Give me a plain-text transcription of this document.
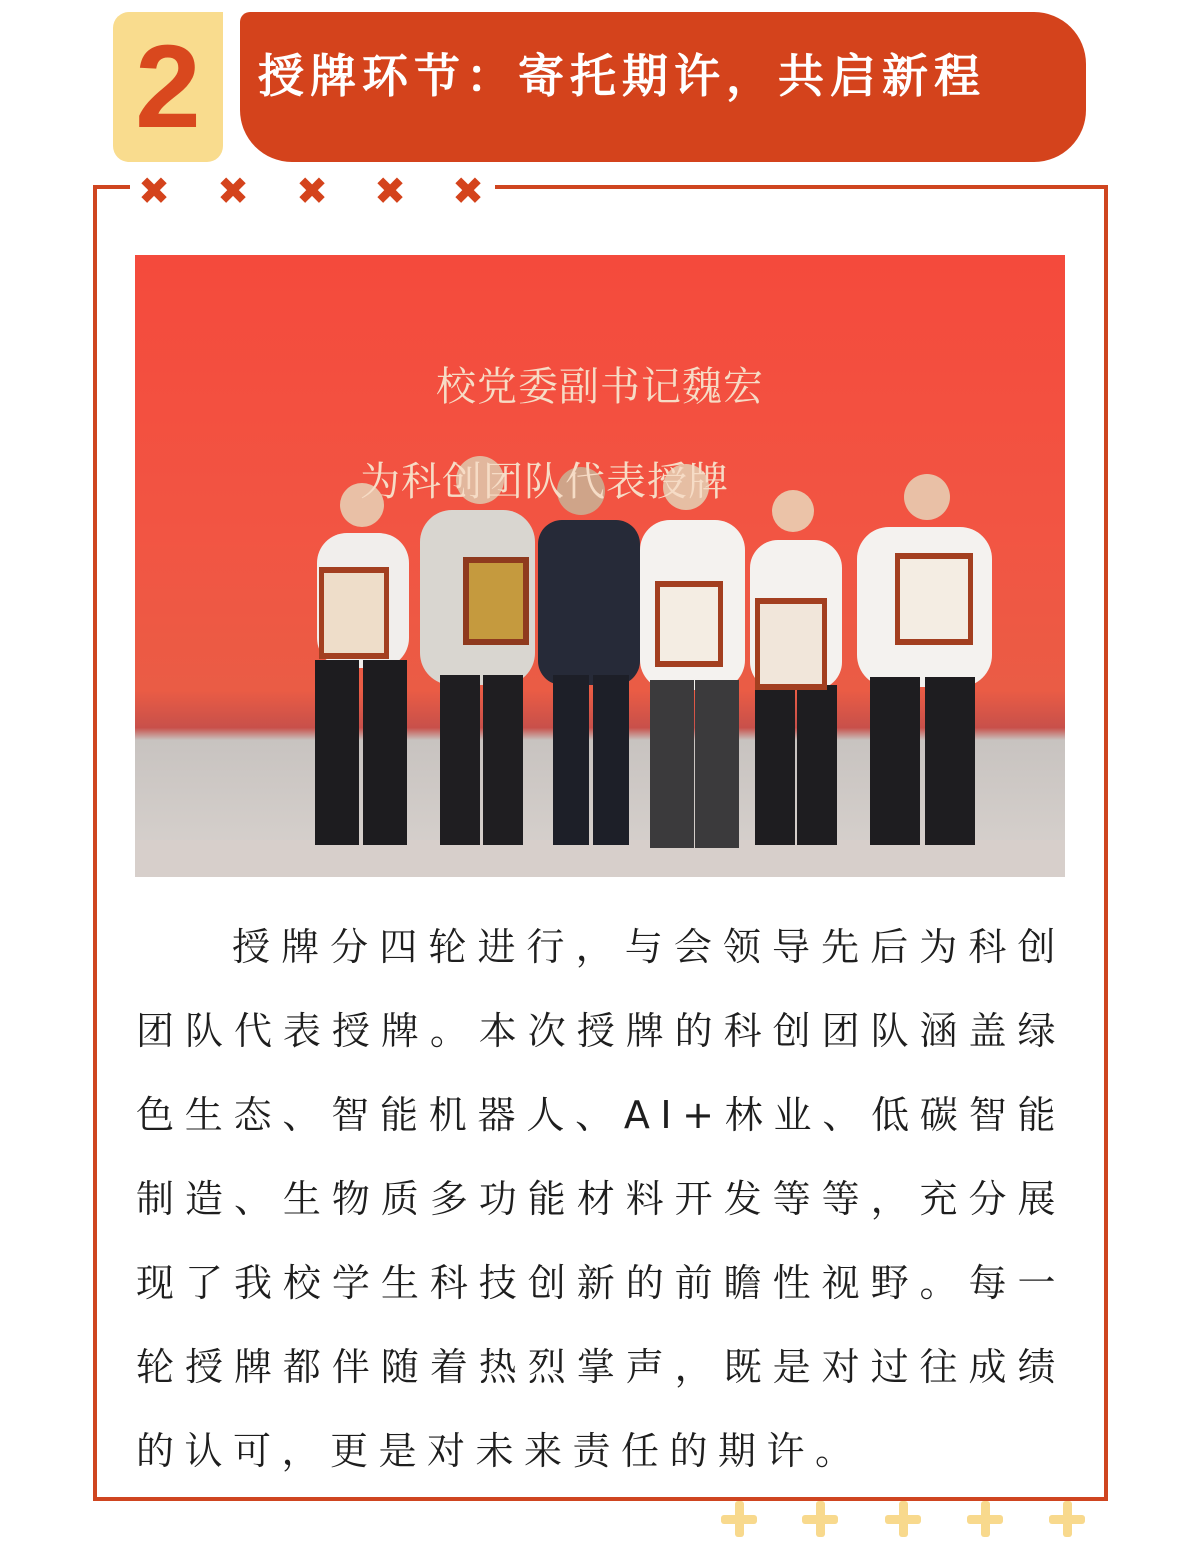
2	授牌环节：寄托期许，共启新程
✖ ✖ ✖ ✖ ✖
校党委副书记魏宏
为科创团队代表授牌

授牌分四轮进行，与会领导先后为科创团队代表授牌。本次授牌的科创团队涵盖绿色生态、智能机器人、AI+林业、低碳智能制造、生物质多功能材料开发等等，充分展现了我校学生科技创新的前瞻性视野。每一轮授牌都伴随着热烈掌声，既是对过往成绩的认可，更是对未来责任的期许。
